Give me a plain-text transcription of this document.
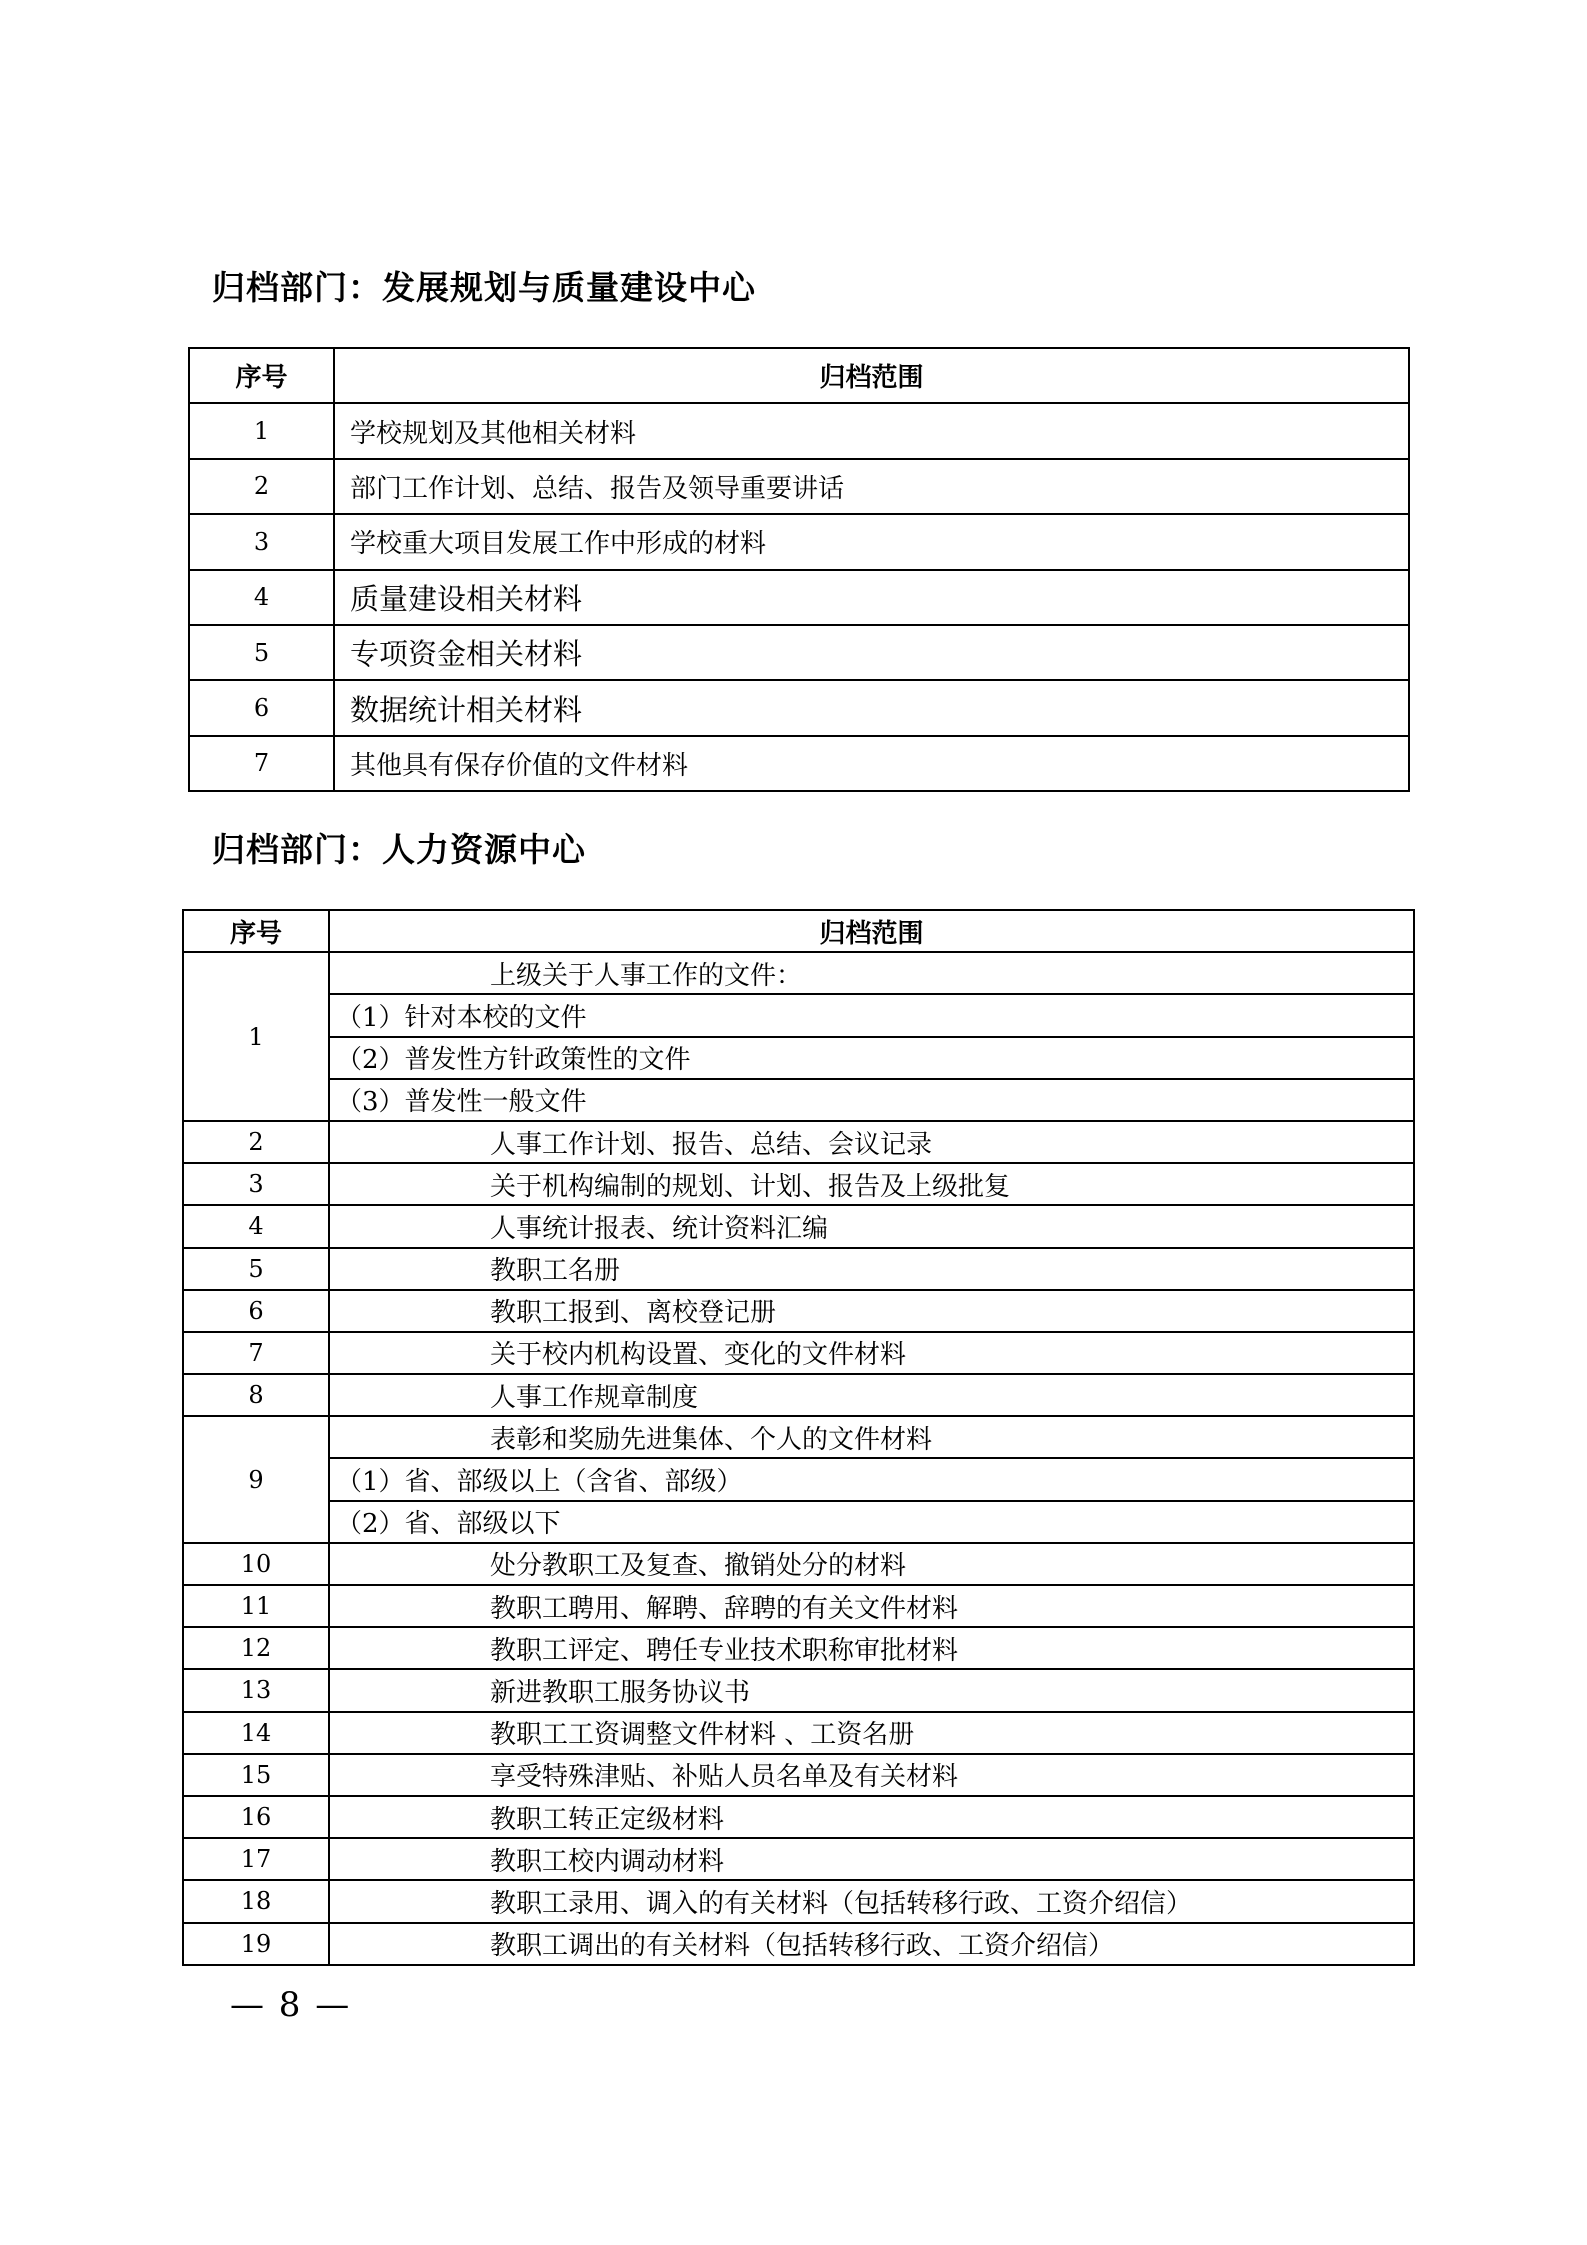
归档部门：发展规划与质量建设中心
序号	归档范围
1	学校规划及其他相关材料
2	部门工作计划、总结、报告及领导重要讲话
3	学校重大项目发展工作中形成的材料
4	质量建设相关材料
5	专项资金相关材料
6	数据统计相关材料
7	其他具有保存价值的文件材料
归档部门：人力资源中心
序号	归档范围
1	上级关于人事工作的文件：
	（1）针对本校的文件
	（2）普发性方针政策性的文件
	（3）普发性一般文件
2	人事工作计划、报告、总结、会议记录
3	关于机构编制的规划、计划、报告及上级批复
4	人事统计报表、统计资料汇编
5	教职工名册
6	教职工报到、离校登记册
7	关于校内机构设置、变化的文件材料
8	人事工作规章制度
9	表彰和奖励先进集体、个人的文件材料
	（1）省、部级以上（含省、部级）
	（2）省、部级以下
10	处分教职工及复查、撤销处分的材料
11	教职工聘用、解聘、辞聘的有关文件材料
12	教职工评定、聘任专业技术职称审批材料
13	新进教职工服务协议书
14	教职工工资调整文件材料 、工资名册
15	享受特殊津贴、补贴人员名单及有关材料
16	教职工转正定级材料
17	教职工校内调动材料
18	教职工录用、调入的有关材料（包括转移行政、工资介绍信）
19	教职工调出的有关材料（包括转移行政、工资介绍信）
— 8 —
